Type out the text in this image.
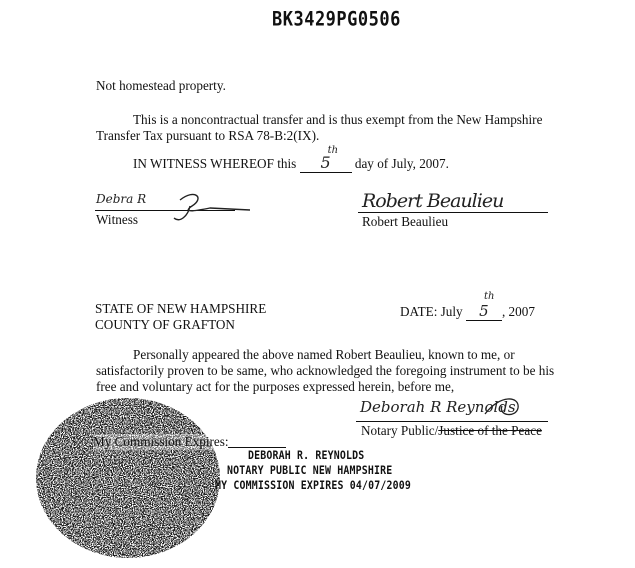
BK3429PG0506
Not homestead property.
This is a noncontractual transfer and is thus exempt from the New Hampshire
Transfer Tax pursuant to RSA 78-B:2(IX).
IN WITNESS WHEREOF this 5
th
day of July, 2007.
Debra R
Witness
Robert Beaulieu
Robert Beaulieu
STATE OF NEW HAMPSHIRE
COUNTY OF GRAFTON
DATE: July 5
th
, 2007
Personally appeared the above named Robert Beaulieu, known to me, or
satisfactorily proven to be same, who acknowledged the foregoing instrument to be his
free and voluntary act for the purposes expressed herein, before me,
Deborah R Reynolds
Notary Public/Justice of the Peace
My Commission Expires:
DEBORAH R. REYNOLDS
NOTARY PUBLIC NEW HAMPSHIRE
MY COMMISSION EXPIRES 04/07/2009
